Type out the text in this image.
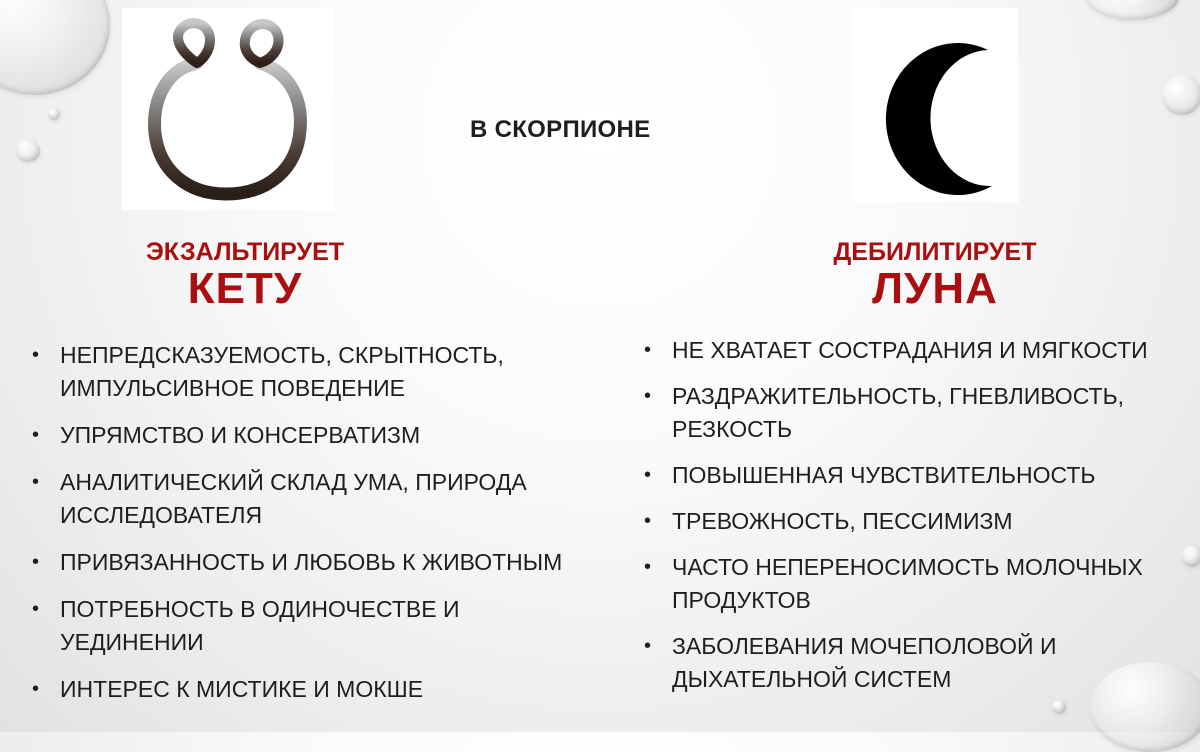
В СКОРПИОНЕ
ЭКЗАЛЬТИРУЕТ
КЕТУ
ДЕБИЛИТИРУЕТ
ЛУНА
• НЕПРЕДСКАЗУЕМОСТЬ, СКРЫТНОСТЬ, ИМПУЛЬСИВНОЕ ПОВЕДЕНИЕ
• УПРЯМСТВО И КОНСЕРВАТИЗМ
• АНАЛИТИЧЕСКИЙ СКЛАД УМА, ПРИРОДА ИССЛЕДОВАТЕЛЯ
• ПРИВЯЗАННОСТЬ И ЛЮБОВЬ К ЖИВОТНЫМ
• ПОТРЕБНОСТЬ В ОДИНОЧЕСТВЕ И УЕДИНЕНИИ
• ИНТЕРЕС К МИСТИКЕ И МОКШЕ
• НЕ ХВАТАЕТ СОСТРАДАНИЯ И МЯГКОСТИ
• РАЗДРАЖИТЕЛЬНОСТЬ, ГНЕВЛИВОСТЬ, РЕЗКОСТЬ
• ПОВЫШЕННАЯ ЧУВСТВИТЕЛЬНОСТЬ
• ТРЕВОЖНОСТЬ, ПЕССИМИЗМ
• ЧАСТО НЕПЕРЕНОСИМОСТЬ МОЛОЧНЫХ ПРОДУКТОВ
• ЗАБОЛЕВАНИЯ МОЧЕПОЛОВОЙ И ДЫХАТЕЛЬНОЙ СИСТЕМ
